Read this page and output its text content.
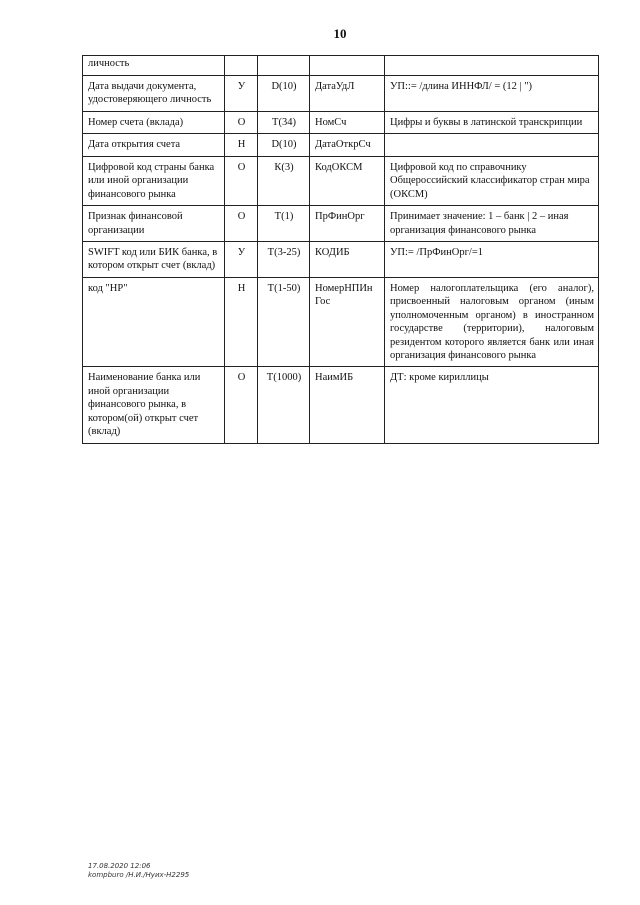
10
личность				
Дата выдачи документа, удостоверяющего личность	У	D(10)	ДатаУдЛ	УП::= /длина ИННФЛ/ = (12 | ")
Номер счета (вклада)	О	Т(34)	НомСч	Цифры и буквы в латинской транскрипции
Дата открытия счета	Н	D(10)	ДатаОткрСч	
Цифровой код страны банка или иной организации финансового рынка	О	К(3)	КодОКСМ	Цифровой код по справочнику Общероссийский классификатор стран мира (ОКСМ)
Признак финансовой организации	О	Т(1)	ПрФинОрг	Принимает значение: 1 – банк | 2 – иная организация финансового рынка
SWIFT код или БИК банка, в котором открыт счет (вклад)	У	Т(3-25)	КОДИБ	УП:= /ПрФинОрг/=1
код "НР"	Н	Т(1-50)	НомерНПИн Гос	Номер налогоплательщика (его аналог), присвоенный налоговым органом (иным уполномоченным органом) в иностранном государстве (территории), налоговым резидентом которого является банк или иная организация финансового рынка
Наименование банка или иной организации финансового рынка, в котором(ой) открыт счет (вклад)	О	Т(1000)	НаимИБ	ДТ: кроме кириллицы
17.08.2020 12:06
kompburo /Н.И./Нуих-Н2295
